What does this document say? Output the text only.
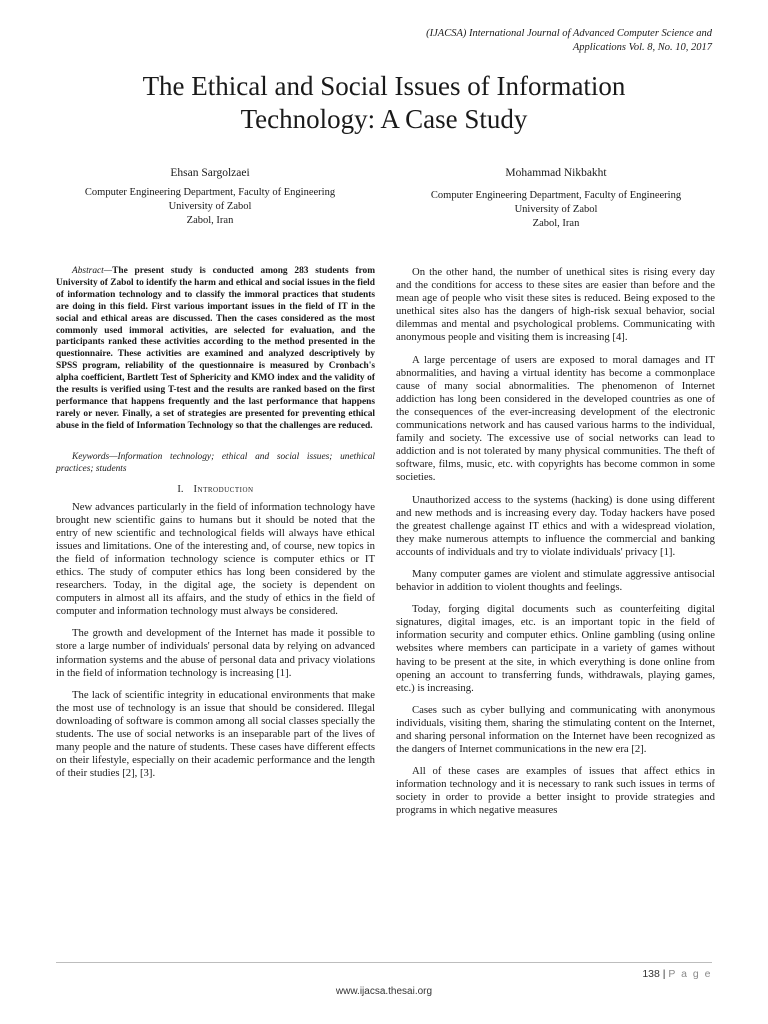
(IJACSA) International Journal of Advanced Computer Science and
Applications Vol. 8, No. 10, 2017
The Ethical and Social Issues of Information
Technology: A Case Study
Ehsan Sargolzaei
Computer Engineering Department, Faculty of Engineering
University of Zabol
Zabol, Iran
Mohammad Nikbakht
Computer Engineering Department, Faculty of Engineering
University of Zabol
Zabol, Iran

Abstract—The present study is conducted among 283 students from University of Zabol to identify the harm and ethical and social issues in the field of information technology and to classify the immoral practices that students are doing in this field. First various important issues in the field of IT in the social and ethical areas are discussed. Then the cases considered as the most commonly used immoral activities, are selected for evaluation, and the participants ranked these activities according to the method presented in the questionnaire. These activities are examined and analyzed descriptively by SPSS program, reliability of the questionnaire is measured by Cronbach's alpha coefficient, Bartlett Test of Sphericity and KMO index and the validity of the results is verified using T-test and the results are ranked based on the first performance that happens frequently and the last performance that happens rarely or never. Finally, a set of strategies are presented for preventing ethical abuse in the field of Information Technology so that the challenges are reduced.

Keywords—Information technology; ethical and social issues; unethical practices; students

I. Introduction

New advances particularly in the field of information technology have brought new scientific gains to humans but it should be noted that the entry of new scientific and technological fields will always have ethical issues and limitations. One of the interesting and, of course, new topics in the field of information technology science is computer ethics or IT ethics. The study of computer ethics has long been considered by the researchers. Today, in the digital age, the society is dependent on computers in almost all its affairs, and the study of ethics in the field of computer and information technology must always be considered.

The growth and development of the Internet has made it possible to store a large number of individuals' personal data by relying on advanced information systems and the abuse of personal data and privacy violations in the field of information technology is increasing [1].

The lack of scientific integrity in educational environments that make the most use of technology is an issue that should be considered. Illegal downloading of software is common among all social classes specially the students. The use of social networks is an inseparable part of the lives of many people and the nature of students. These cases have different effects on their lifestyle, especially on their academic performance and the length of their studies [2], [3].

On the other hand, the number of unethical sites is rising every day and the conditions for access to these sites are easier than before and the mean age of people who visit these sites is reduced. Being exposed to the unethical sites also has the dangers of high-risk sexual behavior, social dilemmas and mental and psychological problems. Communicating with anonymous people and visiting them is increasing [4].

A large percentage of users are exposed to moral damages and IT abnormalities, and having a virtual identity has become a commonplace cause of many social abnormalities. The phenomenon of Internet addiction has long been considered in the developed countries as one of the consequences of the ever-increasing development of the electronic communications network and has caused various harms to the individual, family and society. The excessive use of social networks can lead to addiction and is not tolerated by many physical communities. The theft of software, films, music, etc. with copyrights has become common in some societies.

Unauthorized access to the systems (hacking) is done using different and new methods and is increasing every day. Today hackers have posed the greatest challenge against IT ethics and with a widespread violation, they make numerous attempts to influence the commercial and banking accounts of individuals and try to violate individuals' privacy [1].

Many computer games are violent and stimulate aggressive antisocial behavior in addition to violent thoughts and feelings.

Today, forging digital documents such as counterfeiting digital signatures, digital images, etc. is an important topic in the field of information security and computer ethics. Online gambling (using online websites where members can participate in a variety of games without having to be present at the site, in which everything is done online from opening an account to transferring funds, withdrawals, playing games, etc.) is increasing.

Cases such as cyber bullying and communicating with anonymous individuals, visiting them, sharing the stimulating content on the Internet, and sharing personal information on the Internet have been recognized as the dangers of Internet communications in the new era [2].

All of these cases are examples of issues that affect ethics in information technology and it is necessary to rank such issues in terms of society in order to provide a better insight to provide strategies and programs in which negative measures

138 | P a g e
www.ijacsa.thesai.org
